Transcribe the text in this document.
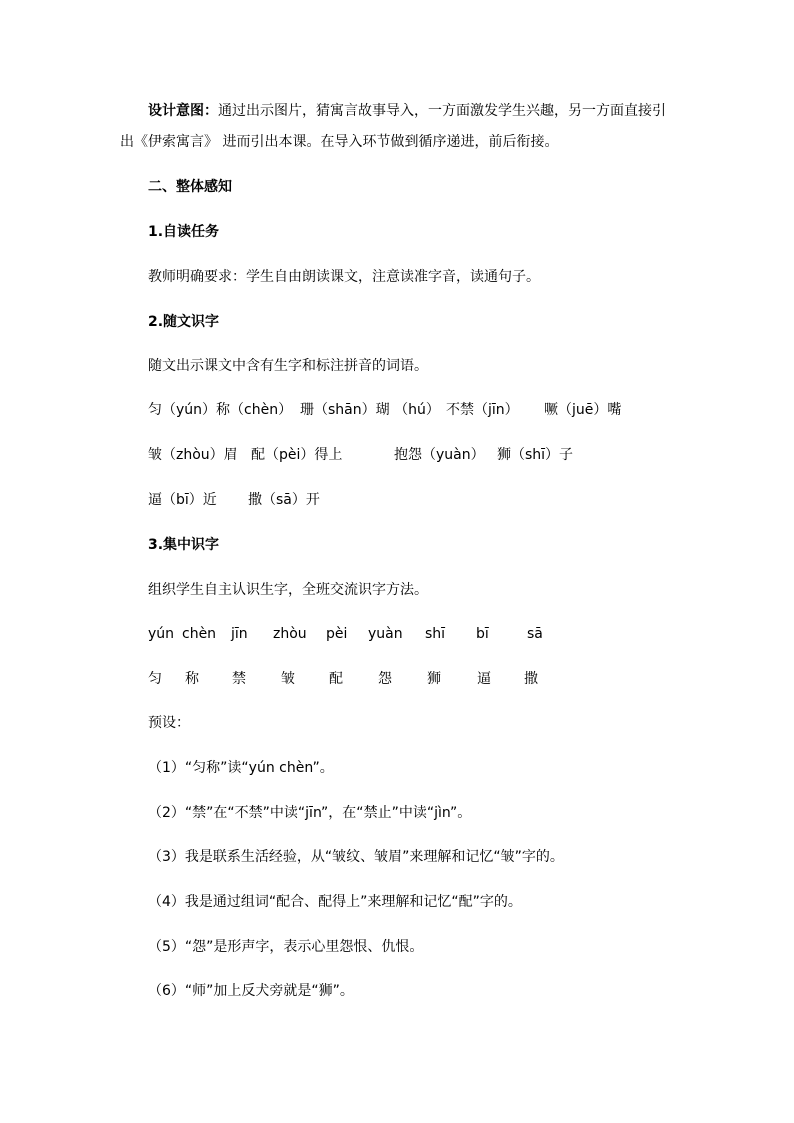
设计意图：通过出示图片，猜寓言故事导入，一方面激发学生兴趣，另一方面直接引
出《伊索寓言》 进而引出本课。在导入环节做到循序递进，前后衔接。
二、整体感知
1.自读任务
教师明确要求：学生自由朗读课文，注意读准字音，读通句子。
2.随文识字
随文出示课文中含有生字和标注拼音的词语。
匀（yún）称（chèn） 珊（shān）瑚 （hú） 不禁（jīn） 噘（juē）嘴
皱（zhòu）眉 配（pèi）得上	抱怨（yuàn） 狮（shī）子
逼（bī）近 撒（sā）开
3.集中识字
组织学生自主认识生字，全班交流识字方法。
yún chèn jīn zhòu pèi yuàn shī bī	sā
匀 称 禁	皱 配	怨	狮	逼 撒
预设：
（1）“匀称”读“yún chèn”。
（2）“禁”在“不禁”中读“jīn”，在“禁止”中读“jìn”。
（3）我是联系生活经验，从“皱纹、皱眉”来理解和记忆“皱”字的。
（4）我是通过组词“配合、配得上”来理解和记忆“配”字的。
（5）“怨”是形声字，表示心里怨恨、仇恨。
（6）“师”加上反犬旁就是“狮”。
